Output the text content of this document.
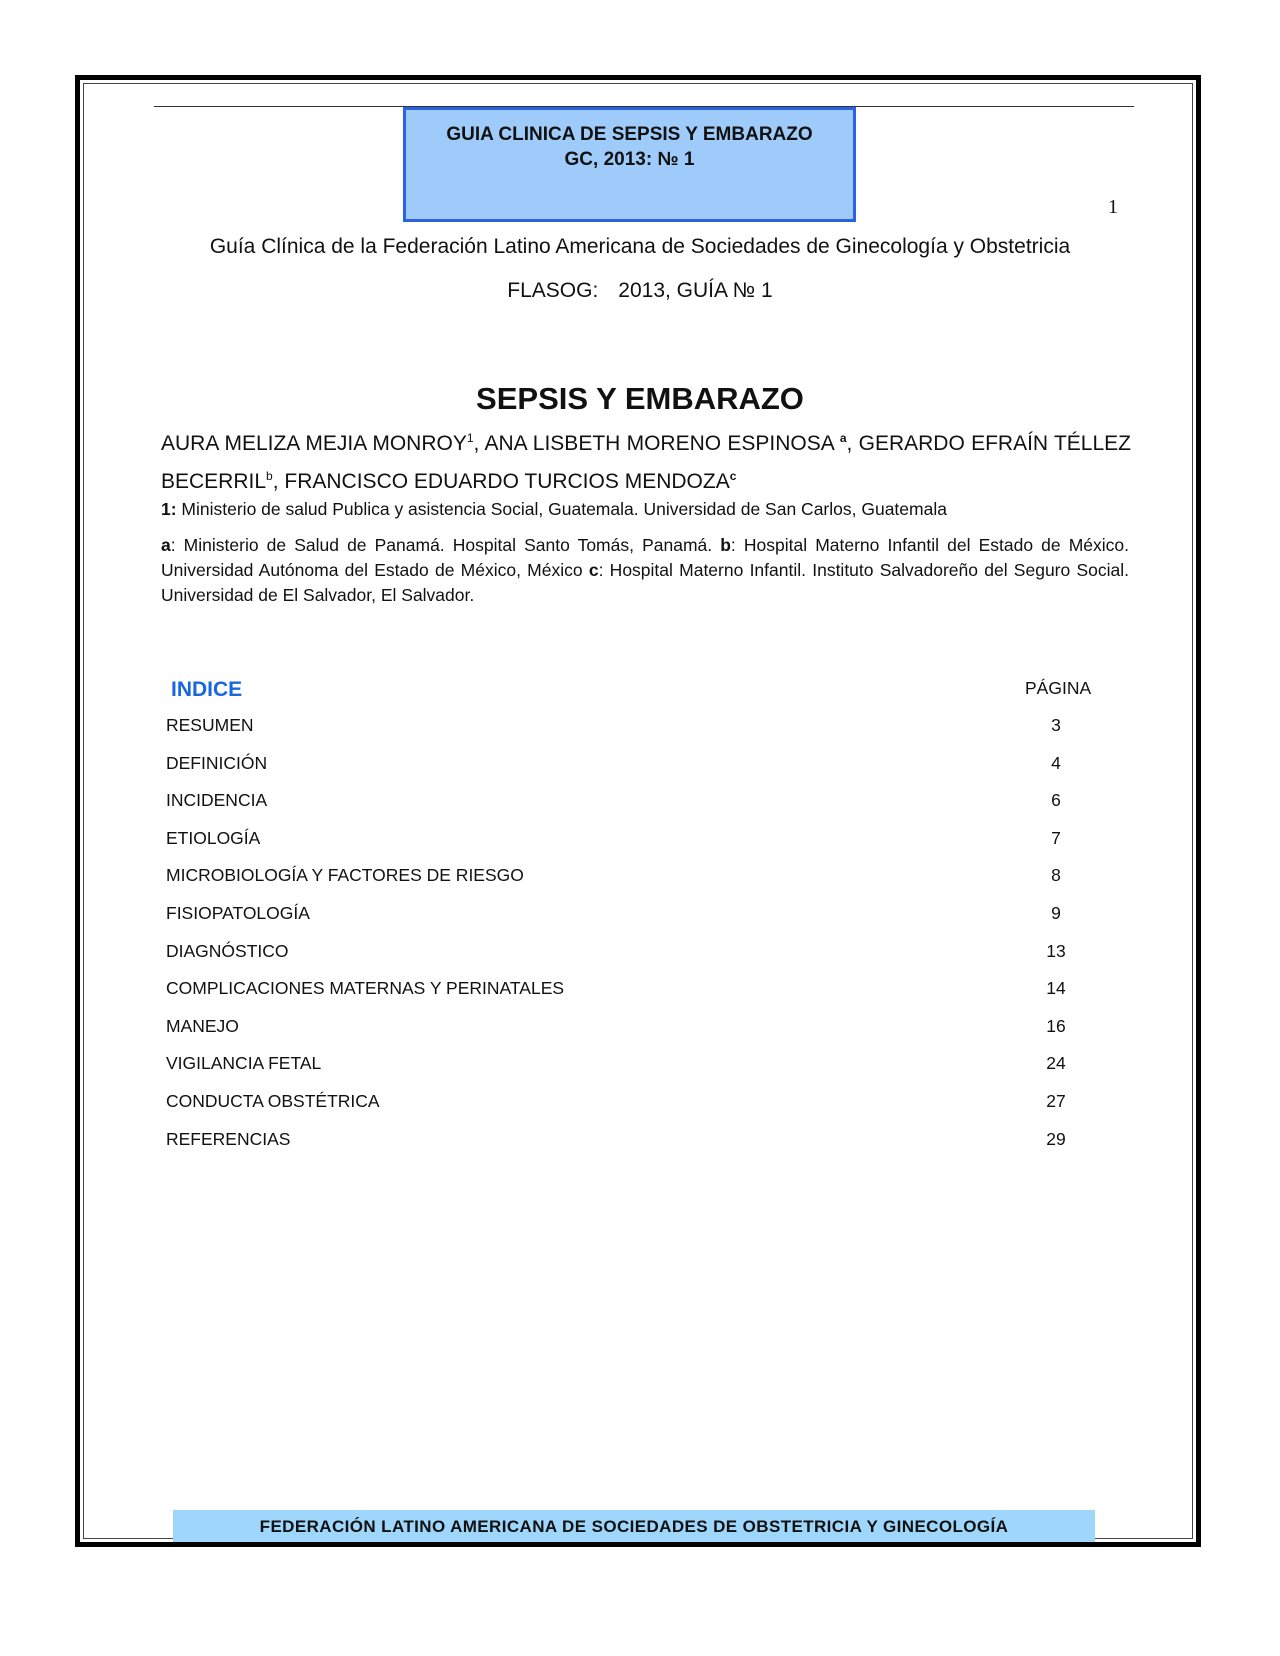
GUIA CLINICA DE SEPSIS Y EMBARAZO
GC, 2013: № 1
1
Guía Clínica de la Federación Latino Americana de Sociedades de Ginecología y Obstetricia
FLASOG: 2013, GUÍA № 1
SEPSIS Y EMBARAZO
AURA MELIZA MEJIA MONROY$^1$, ANA LISBETH MORENO ESPINOSA $^a$, GERARDO EFRAÍN TÉLLEZ BECERRIL$^b$, FRANCISCO EDUARDO TURCIOS MENDOZA$^c$
1: Ministerio de salud Publica y asistencia Social, Guatemala. Universidad de San Carlos, Guatemala
a: Ministerio de Salud de Panamá. Hospital Santo Tomás, Panamá. b: Hospital Materno Infantil del Estado de México. Universidad Autónoma del Estado de México, México c: Hospital Materno Infantil. Instituto Salvadoreño del Seguro Social. Universidad de El Salvador, El Salvador.
INDICE	PÁGINA
RESUMEN	3
DEFINICIÓN	4
INCIDENCIA	6
ETIOLOGÍA	7
MICROBIOLOGÍA Y FACTORES DE RIESGO	8
FISIOPATOLOGÍA	9
DIAGNÓSTICO	13
COMPLICACIONES MATERNAS Y PERINATALES	14
MANEJO	16
VIGILANCIA FETAL	24
CONDUCTA OBSTÉTRICA	27
REFERENCIAS	29
FEDERACIÓN LATINO AMERICANA DE SOCIEDADES DE OBSTETRICIA Y GINECOLOGÍA
